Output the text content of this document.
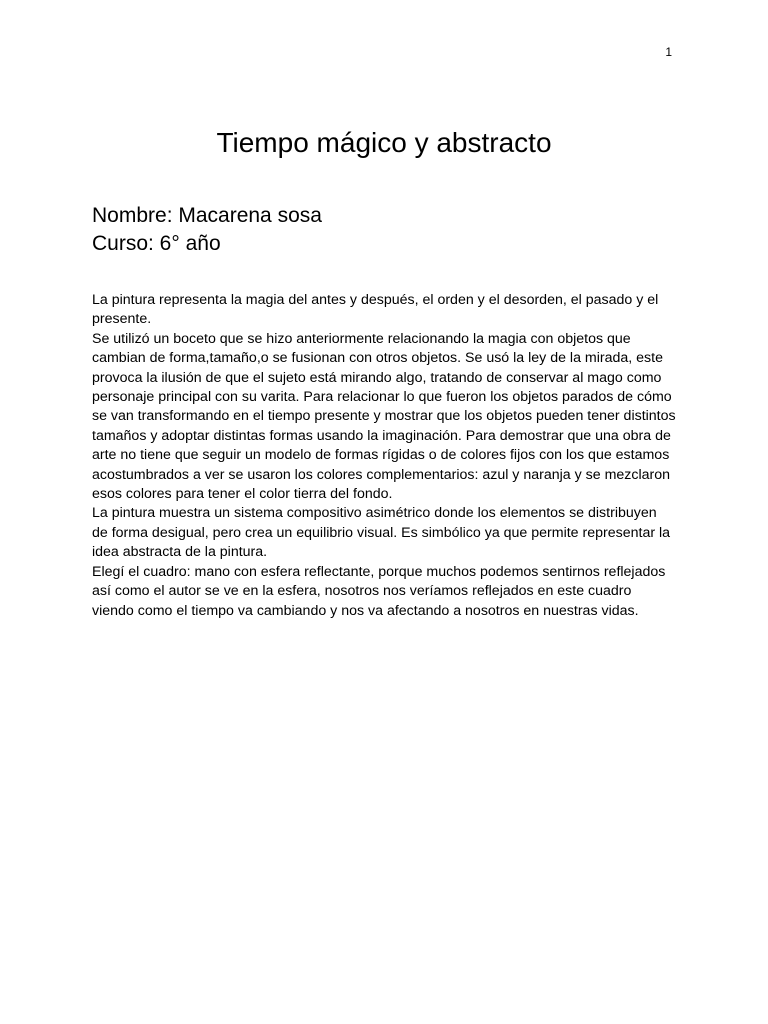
1
Tiempo mágico y abstracto
Nombre: Macarena sosa
Curso: 6° año

La pintura representa la magia del antes y después, el orden y el desorden, el pasado y el presente.

Se utilizó un boceto que se hizo anteriormente relacionando la magia con objetos que cambian de forma,tamaño,o se fusionan con otros objetos. Se usó la ley de la mirada, este provoca la ilusión de que el sujeto está mirando algo, tratando de conservar al mago como personaje principal con su varita. Para relacionar lo que fueron los objetos parados de cómo se van transformando en el tiempo presente y mostrar que los objetos pueden tener distintos tamaños y adoptar distintas formas usando la imaginación. Para demostrar que una obra de arte no tiene que seguir un modelo de formas rígidas o de colores fijos con los que estamos acostumbrados a ver se usaron los colores complementarios: azul y naranja y se mezclaron esos colores para tener el color tierra del fondo.

La pintura muestra un sistema compositivo asimétrico donde los elementos se distribuyen de forma desigual, pero crea un equilibrio visual. Es simbólico ya que permite representar la idea abstracta de la pintura.

Elegí el cuadro: mano con esfera reflectante, porque muchos podemos sentirnos reflejados así como el autor se ve en la esfera, nosotros nos veríamos reflejados en este cuadro viendo como el tiempo va cambiando y nos va afectando a nosotros en nuestras vidas.
